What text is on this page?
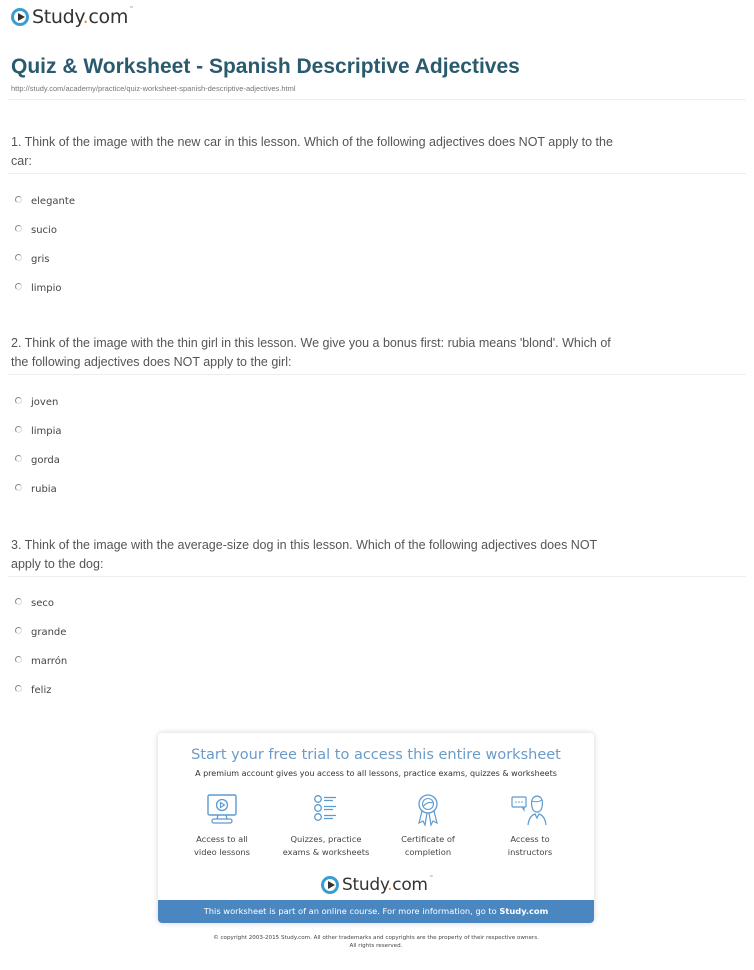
Study.com™
Quiz & Worksheet - Spanish Descriptive Adjectives
http://study.com/academy/practice/quiz-worksheet-spanish-descriptive-adjectives.html
1. Think of the image with the new car in this lesson. Which of the following adjectives does NOT apply to the car:
elegante
sucio
gris
limpio
2. Think of the image with the thin girl in this lesson. We give you a bonus first: rubia means 'blond'. Which of the following adjectives does NOT apply to the girl:
joven
limpia
gorda
rubia
3. Think of the image with the average-size dog in this lesson. Which of the following adjectives does NOT apply to the dog:
seco
grande
marrón
feliz
Start your free trial to access this entire worksheet
A premium account gives you access to all lessons, practice exams, quizzes & worksheets
Access to all
video lessons
Quizzes, practice
exams & worksheets
Certificate of
completion
Access to
instructors
Study.com™
This worksheet is part of an online course. For more information, go to Study.com
© copyright 2003-2015 Study.com. All other trademarks and copyrights are the property of their respective owners.
All rights reserved.
